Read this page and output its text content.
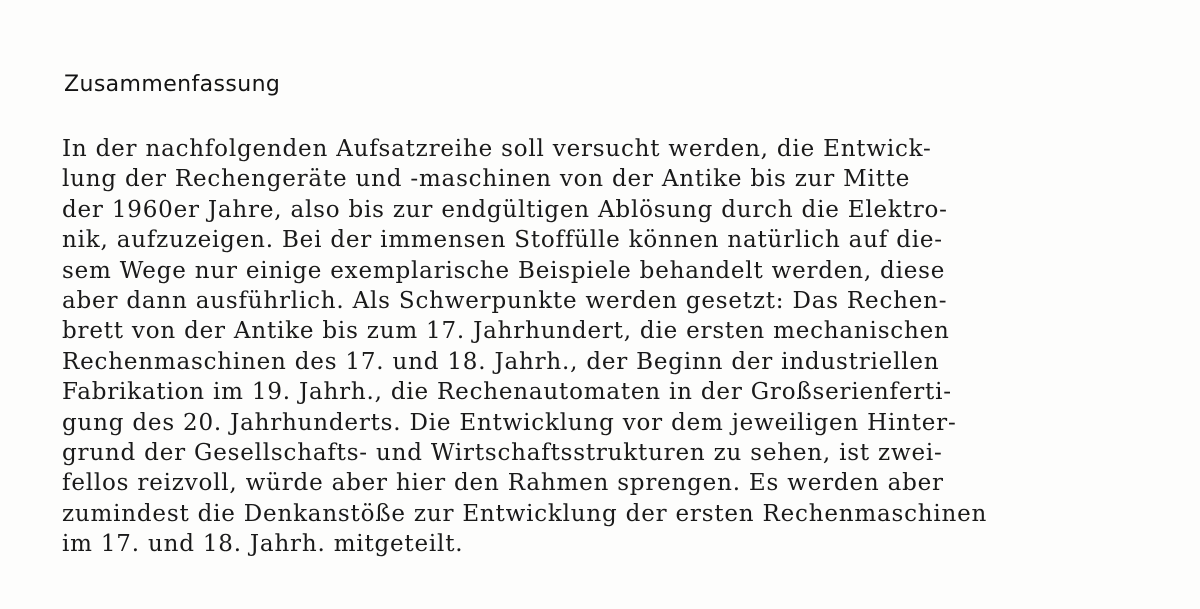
Zusammenfassung

In der nachfolgenden Aufsatzreihe soll versucht werden, die Entwick-
lung der Rechengeräte und -maschinen von der Antike bis zur Mitte
der 1960er Jahre, also bis zur endgültigen Ablösung durch die Elektro-
nik, aufzuzeigen. Bei der immensen Stoffülle können natürlich auf die-
sem Wege nur einige exemplarische Beispiele behandelt werden, diese
aber dann ausführlich. Als Schwerpunkte werden gesetzt: Das Rechen-
brett von der Antike bis zum 17. Jahrhundert, die ersten mechanischen
Rechenmaschinen des 17. und 18. Jahrh., der Beginn der industriellen
Fabrikation im 19. Jahrh., die Rechenautomaten in der Großserienferti-
gung des 20. Jahrhunderts. Die Entwicklung vor dem jeweiligen Hinter-
grund der Gesellschafts- und Wirtschaftsstrukturen zu sehen, ist zwei-
fellos reizvoll, würde aber hier den Rahmen sprengen. Es werden aber
zumindest die Denkanstöße zur Entwicklung der ersten Rechenmaschinen
im 17. und 18. Jahrh. mitgeteilt.
